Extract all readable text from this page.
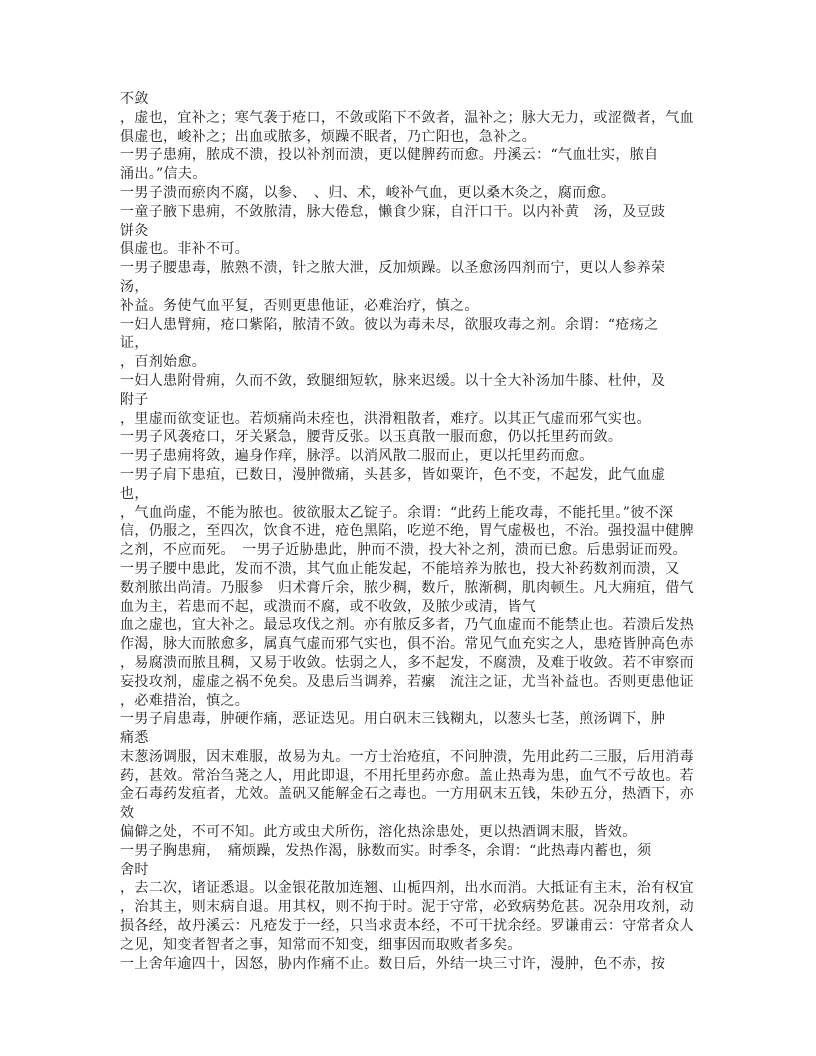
不敛
，虚也，宜补之；寒气袭于疮口，不敛或陷下不敛者，温补之；脉大无力，或涩微者，气血
俱虚也，峻补之；出血或脓多，烦躁不眠者，乃亡阳也，急补之。
一男子患痈，脓成不溃，投以补剂而溃，更以健脾药而愈。丹溪云：“气血壮实，脓自
涌出。”信夫。
一男子溃而瘀肉不腐，以参、　、归、术，峻补气血，更以桑木灸之，腐而愈。
一童子腋下患痈，不敛脓清，脉大倦怠，懒食少寐，自汗口干。以内补黄　汤，及豆豉
饼灸
俱虚也。非补不可。
一男子腰患毒，脓熟不溃，针之脓大泄，反加烦躁。以圣愈汤四剂而宁，更以人参养荣
汤，
补益。务使气血平复，否则更患他证，必难治疗，慎之。
一妇人患臂痈，疮口紫陷，脓清不敛。彼以为毒未尽，欲服攻毒之剂。余谓：“疮疡之
证，
，百剂始愈。
一妇人患附骨痈，久而不敛，致腿细短软，脉来迟缓。以十全大补汤加牛膝、杜仲，及
附子
，里虚而欲变证也。若烦痛尚未痊也，洪滑粗散者，难疗。以其正气虚而邪气实也。
一男子风袭疮口，牙关紧急，腰背反张。以玉真散一服而愈，仍以托里药而敛。
一男子患痈将敛，遍身作痒，脉浮。以消风散二服而止，更以托里药而愈。
一男子肩下患疽，已数日，漫肿微痛，头甚多，皆如粟许，色不变，不起发，此气血虚
也，
，气血尚虚，不能为脓也。彼欲服太乙锭子。余谓：“此药上能攻毒，不能托里。”彼不深
信，仍服之，至四次，饮食不进，疮色黑陷，吃逆不绝，胃气虚极也，不治。强投温中健脾
之剂，不应而死。　一男子近胁患此，肿而不溃，投大补之剂，溃而已愈。后患弱证而殁。
一男子腰中患此，发而不溃，其气血止能发起，不能培养为脓也，投大补药数剂而溃，又
数剂脓出尚清。乃服参　归术膏斤余，脓少稠，数斤，脓渐稠，肌肉顿生。凡大痈疽，借气
血为主，若患而不起，或溃而不腐，或不收敛，及脓少或清，皆气
血之虚也，宜大补之。最忌攻伐之剂。亦有脓反多者，乃气血虚而不能禁止也。若溃后发热
作渴，脉大而脓愈多，属真气虚而邪气实也，俱不治。常见气血充实之人，患疮皆肿高色赤
，易腐溃而脓且稠，又易于收敛。怯弱之人，多不起发，不腐溃，及难于收敛。若不审察而
妄投攻剂，虚虚之祸不免矣。及患后当调养，若瘰　流注之证，尤当补益也。否则更患他证
，必难措治，慎之。
一男子肩患毒，肿硬作痛，恶证迭见。用白矾末三钱糊丸，以葱头七茎，煎汤调下，肿
痛悉
末葱汤调服，因末难服，故易为丸。一方士治疮疽，不问肿溃，先用此药二三服，后用消毒
药，甚效。常治刍荛之人，用此即退，不用托里药亦愈。盖止热毒为患，血气不亏故也。若
金石毒药发疽者，尤效。盖矾又能解金石之毒也。一方用矾末五钱，朱砂五分，热酒下，亦
效
偏僻之处，不可不知。此方或虫犬所伤，溶化热涂患处，更以热酒调末服，皆效。
一男子胸患痈，　痛烦躁，发热作渴，脉数而实。时季冬，余谓：“此热毒内蓄也，须
舍时
，去二次，诸证悉退。以金银花散加连翘、山栀四剂，出水而消。大抵证有主末，治有权宜
，治其主，则末病自退。用其权，则不拘于时。泥于守常，必致病势危甚。况杂用攻剂，动
损各经，故丹溪云：凡疮发于一经，只当求责本经，不可干扰余经。罗谦甫云：守常者众人
之见，知变者智者之事，知常而不知变，细事因而取败者多矣。
一上舍年逾四十，因怒，胁内作痛不止。数日后，外结一块三寸许，漫肿，色不赤，按
